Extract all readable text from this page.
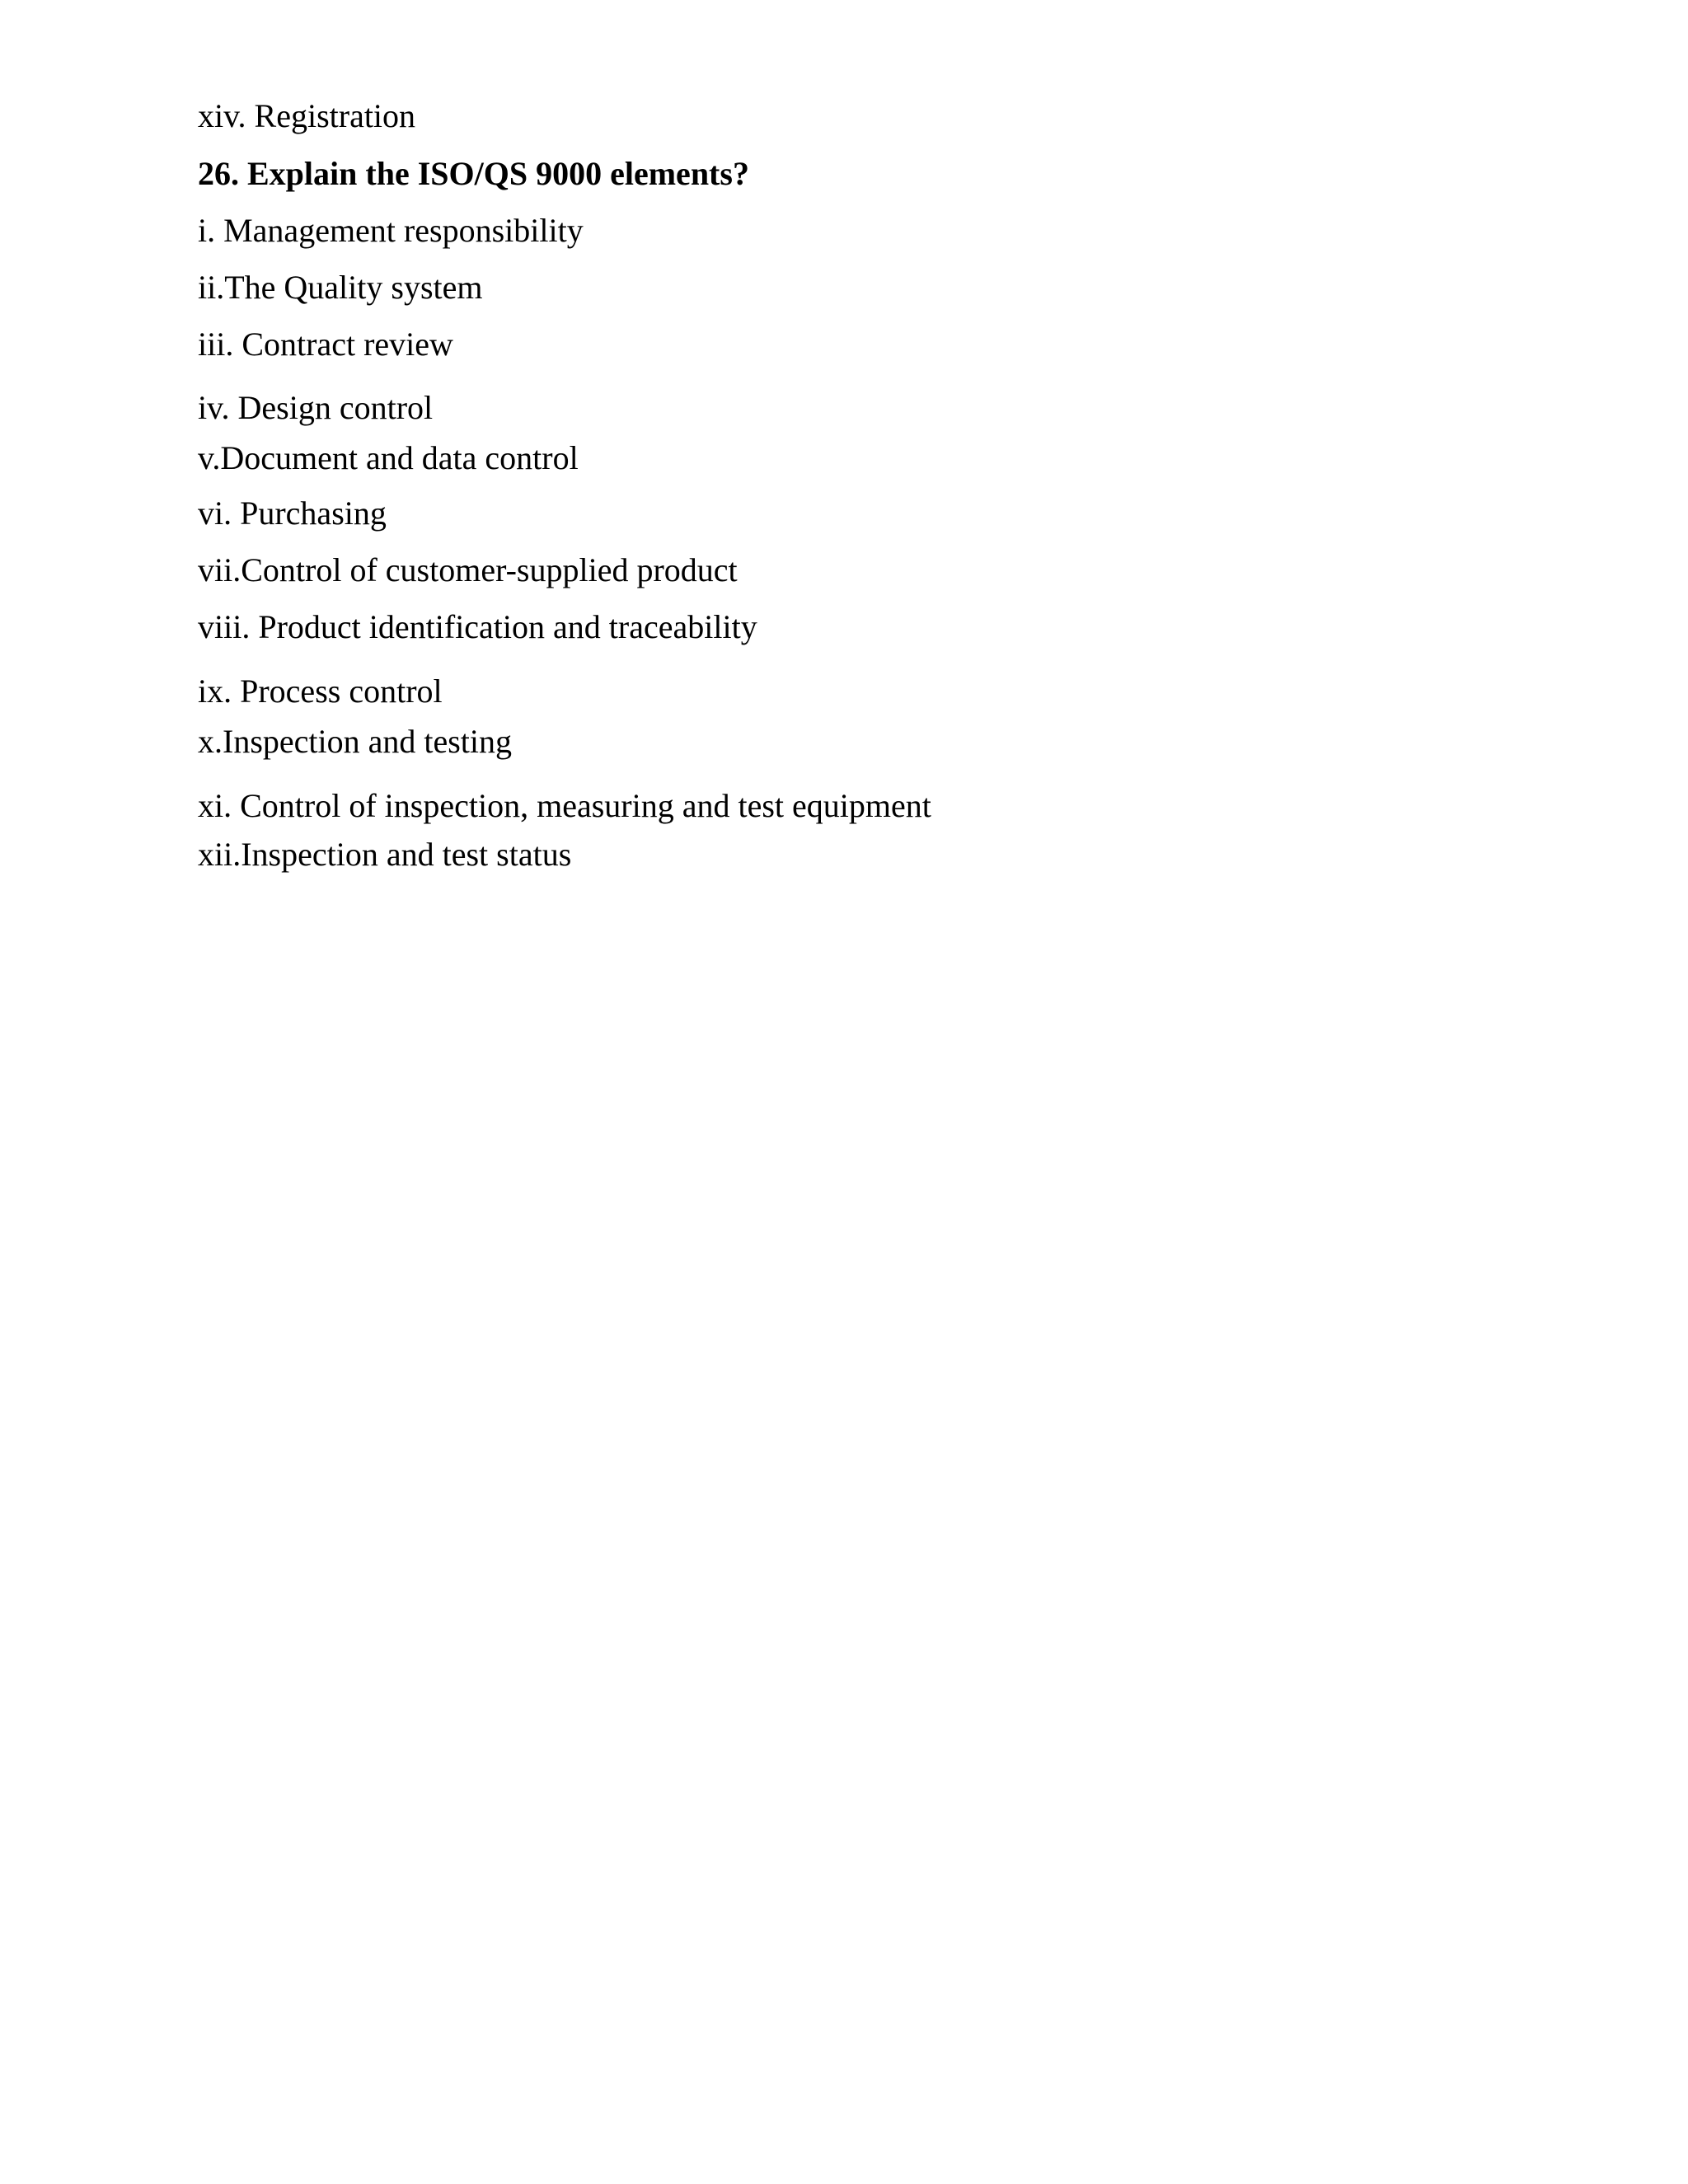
xiv. Registration
26. Explain the ISO/QS 9000 elements?
i. Management responsibility
ii.The Quality system
iii. Contract review
iv. Design control
v.Document and data control
vi. Purchasing
vii.Control of customer-supplied product
viii. Product identification and traceability
ix. Process control
x.Inspection and testing
xi. Control of inspection, measuring and test equipment
xii.Inspection and test status
